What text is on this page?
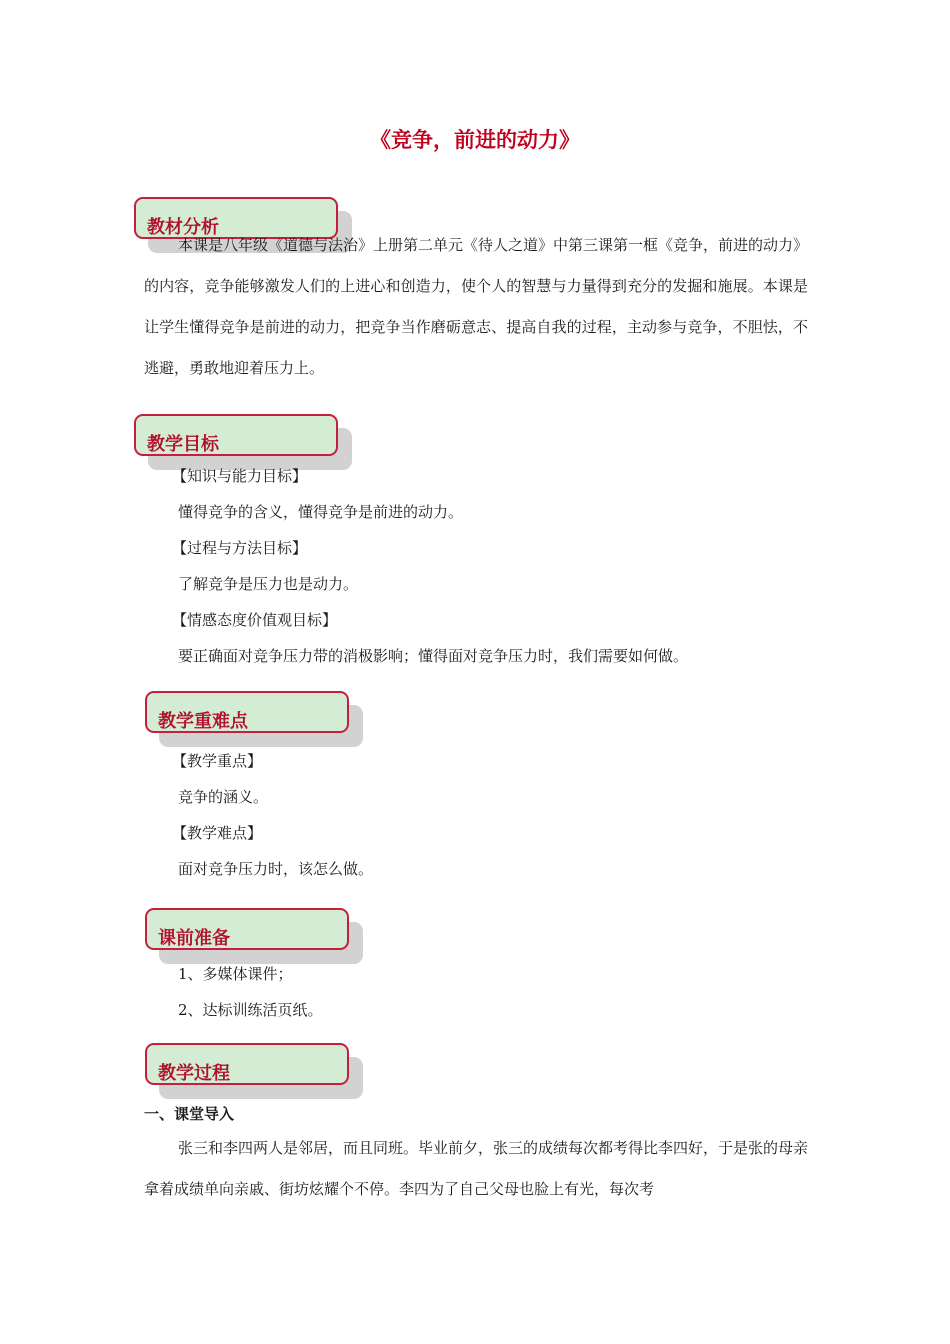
《竞争，前进的动力》
教材分析

本课是八年级《道德与法治》上册第二单元《待人之道》中第三课第一框《竞争，前进的动力》的内容，竞争能够激发人们的上进心和创造力，使个人的智慧与力量得到充分的发掘和施展。本课是让学生懂得竞争是前进的动力，把竞争当作磨砺意志、提高自我的过程，主动参与竞争，不胆怯，不逃避，勇敢地迎着压力上。

教学目标

【知识与能力目标】

懂得竞争的含义，懂得竞争是前进的动力。

【过程与方法目标】

了解竞争是压力也是动力。

【情感态度价值观目标】

要正确面对竞争压力带的消极影响；懂得面对竞争压力时，我们需要如何做。

教学重难点

【教学重点】

竞争的涵义。

【教学难点】

面对竞争压力时，该怎么做。

课前准备

1、多媒体课件；

2、达标训练活页纸。

教学过程

一、课堂导入

张三和李四两人是邻居，而且同班。毕业前夕，张三的成绩每次都考得比李四好，于是张的母亲拿着成绩单向亲戚、街坊炫耀个不停。李四为了自己父母也脸上有光，每次考
